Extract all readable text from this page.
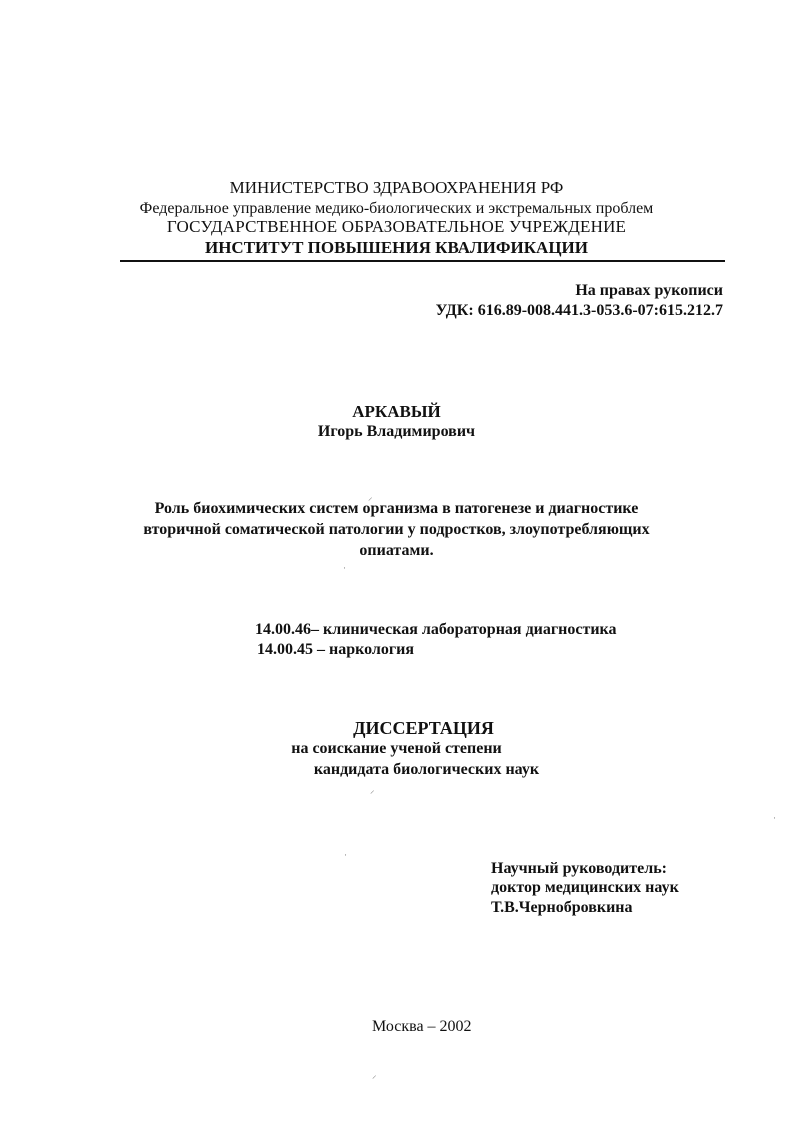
МИНИСТЕРСТВО ЗДРАВООХРАНЕНИЯ РФ
Федеральное управление медико-биологических и экстремальных проблем
ГОСУДАРСТВЕННОЕ ОБРАЗОВАТЕЛЬНОЕ УЧРЕЖДЕНИЕ
ИНСТИТУТ ПОВЫШЕНИЯ КВАЛИФИКАЦИИ
На правах рукописи
УДК: 616.89-008.441.3-053.6-07:615.212.7
АРКАВЫЙ
Игорь Владимирович
Роль биохимических систем организма в патогенезе и диагностике
вторичной соматической патологии у подростков, злоупотребляющих
опиатами.
14.00.46– клиническая лабораторная диагностика
14.00.45 – наркология
ДИССЕРТАЦИЯ
на соискание ученой степени
кандидата биологических наук
Научный руководитель:
доктор медицинских наук
Т.В.Чернобровкина
Москва – 2002
⸝
·
⸝
·
⸝
·
